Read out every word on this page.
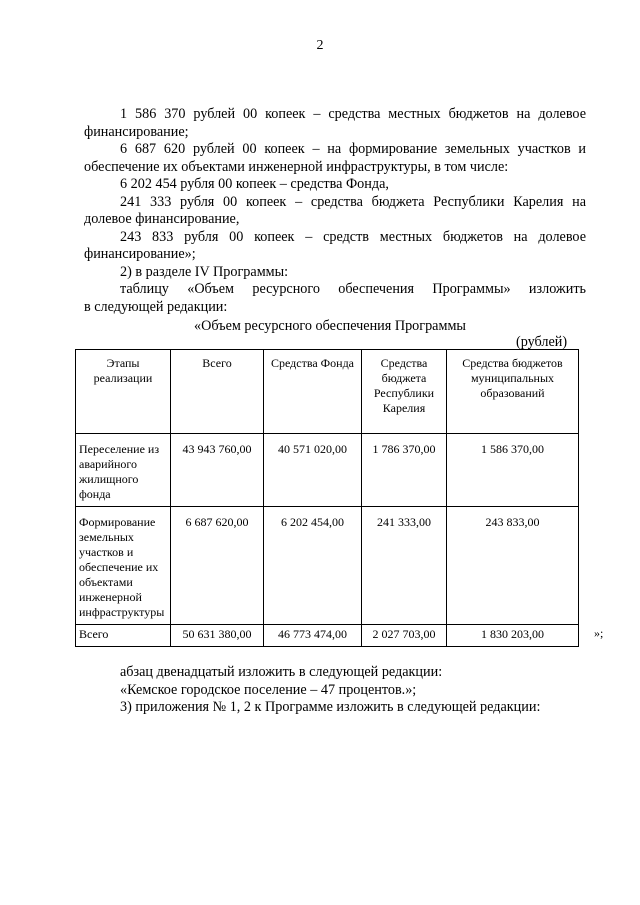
2
1 586 370 рублей 00 копеек – средства местных бюджетов на долевое
финансирование;
6 687 620 рублей 00 копеек – на формирование земельных участков и
обеспечение их объектами инженерной инфраструктуры, в том числе:
6 202 454 рубля 00 копеек – средства Фонда,
241 333 рубля 00 копеек – средства бюджета Республики Карелия на
долевое финансирование,
243 833 рубля 00 копеек – средств местных бюджетов на долевое
финансирование»;
2) в разделе IV Программы:
таблицу «Объем ресурсного обеспечения Программы» изложить
в следующей редакции:
«Объем ресурсного обеспечения Программы
(рублей)
Этапы реализации	Всего	Средства Фонда	Средства бюджета Республики Карелия	Средства бюджетов муниципальных образований
Переселение из аварийного жилищного фонда	43 943 760,00	40 571 020,00	1 786 370,00	1 586 370,00
Формирование земельных участков и обеспечение их объектами инженерной инфраструктуры	6 687 620,00	6 202 454,00	241 333,00	243 833,00
Всего	50 631 380,00	46 773 474,00	2 027 703,00	1 830 203,00	»;
абзац двенадцатый изложить в следующей редакции:
«Кемское городское поселение – 47 процентов.»;
3) приложения № 1, 2 к Программе изложить в следующей редакции:
